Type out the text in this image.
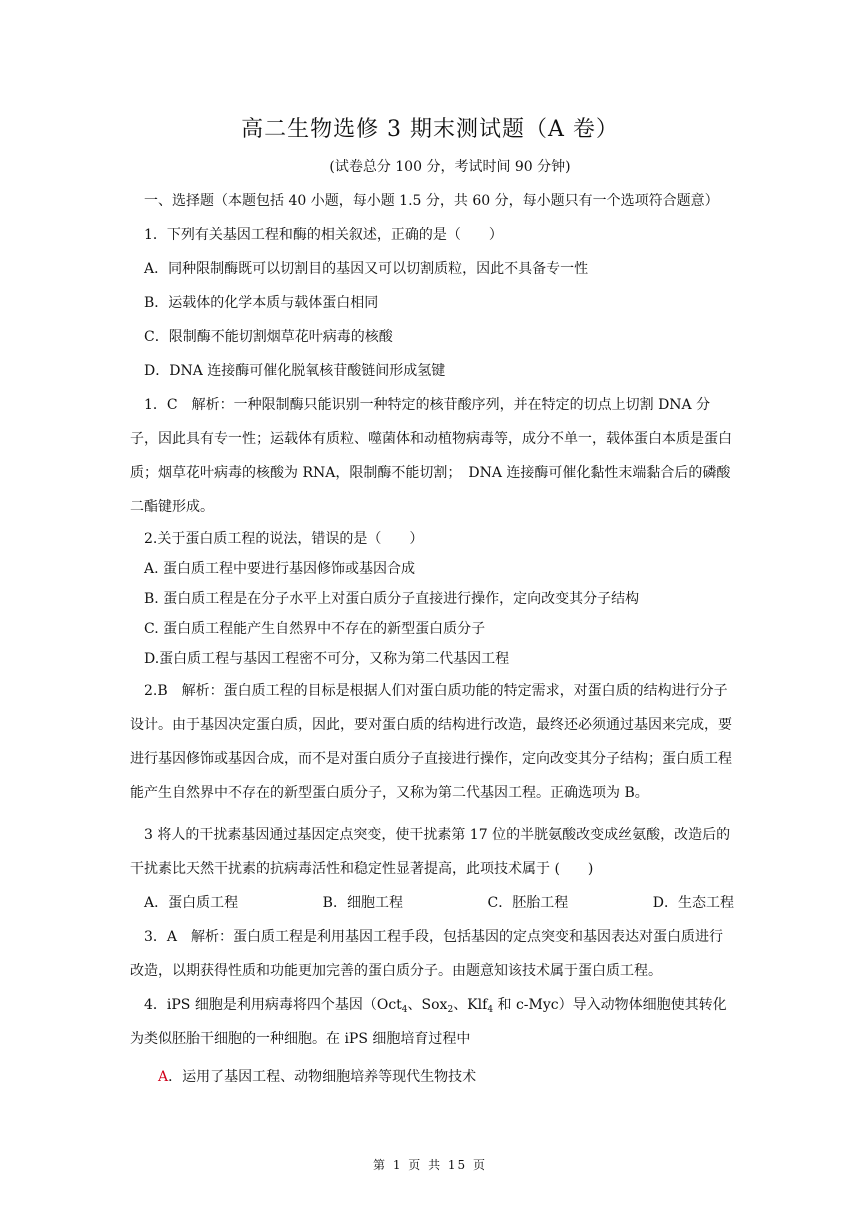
高二生物选修 3 期末测试题（A 卷）
(试卷总分 100 分，考试时间 90 分钟)

一、选择题（本题包括 40 小题，每小题 1.5 分，共 60 分，每小题只有一个选项符合题意）

1．下列有关基因工程和酶的相关叙述，正确的是（　　）

A．同种限制酶既可以切割目的基因又可以切割质粒，因此不具备专一性

B．运载体的化学本质与载体蛋白相同

C．限制酶不能切割烟草花叶病毒的核酸

D．DNA 连接酶可催化脱氧核苷酸链间形成氢键

1．C　解析：一种限制酶只能识别一种特定的核苷酸序列，并在特定的切点上切割 DNA 分子，因此具有专一性；运载体有质粒、噬菌体和动植物病毒等，成分不单一，载体蛋白本质是蛋白质；烟草花叶病毒的核酸为 RNA，限制酶不能切割；　DNA 连接酶可催化黏性末端黏合后的磷酸二酯键形成。

2.关于蛋白质工程的说法，错误的是（　　）

A. 蛋白质工程中要进行基因修饰或基因合成

B. 蛋白质工程是在分子水平上对蛋白质分子直接进行操作，定向改变其分子结构

C. 蛋白质工程能产生自然界中不存在的新型蛋白质分子

D.蛋白质工程与基因工程密不可分，又称为第二代基因工程

2.B　解析：蛋白质工程的目标是根据人们对蛋白质功能的特定需求，对蛋白质的结构进行分子设计。由于基因决定蛋白质，因此，要对蛋白质的结构进行改造，最终还必须通过基因来完成，要进行基因修饰或基因合成，而不是对蛋白质分子直接进行操作，定向改变其分子结构；蛋白质工程能产生自然界中不存在的新型蛋白质分子，又称为第二代基因工程。正确选项为 B。

3 将人的干扰素基因通过基因定点突变，使干扰素第 17 位的半胱氨酸改变成丝氨酸，改造后的干扰素比天然干扰素的抗病毒活性和稳定性显著提高，此项技术属于 (　　)

A．蛋白质工程	B．细胞工程	C．胚胎工程	D．生态工程

3．A　解析：蛋白质工程是利用基因工程手段，包括基因的定点突变和基因表达对蛋白质进行改造，以期获得性质和功能更加完善的蛋白质分子。由题意知该技术属于蛋白质工程。

4．iPS 细胞是利用病毒将四个基因（Oct$_4$、Sox$_2$、Klf$_4$ 和 c-Myc）导入动物体细胞使其转化为类似胚胎干细胞的一种细胞。在 iPS 细胞培育过程中

A．运用了基因工程、动物细胞培养等现代生物技术

第 1 页 共 15 页
